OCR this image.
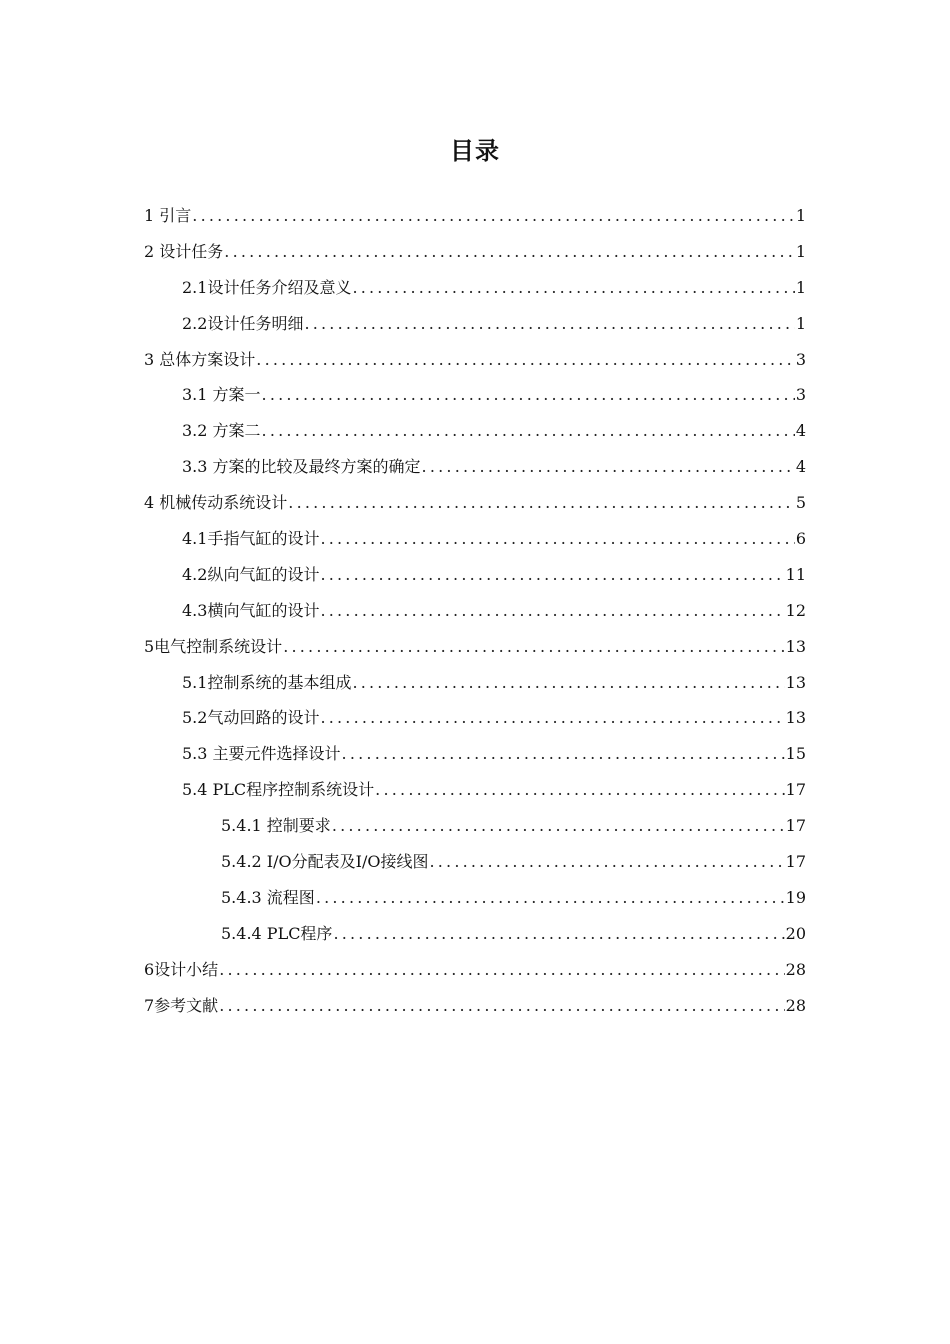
目录
1 引言 .....	1
2 设计任务 .....	1
2.1设计任务介绍及意义 .....	1
2.2设计任务明细 .....	1
3 总体方案设计 .....	3
3.1 方案一 .....	3
3.2 方案二 .....	4
3.3 方案的比较及最终方案的确定 .....	4
4 机械传动系统设计 .....	5
4.1手指气缸的设计 .....	6
4.2纵向气缸的设计 .....	11
4.3横向气缸的设计 .....	12
5电气控制系统设计 .....	13
5.1控制系统的基本组成 .....	13
5.2气动回路的设计 .....	13
5.3 主要元件选择设计 .....	15
5.4 PLC程序控制系统设计 .....	17
5.4.1 控制要求 .....	17
5.4.2 I/O分配表及I/O接线图 .....	17
5.4.3 流程图 .....	19
5.4.4 PLC程序 .....	20
6设计小结 .....	28
7参考文献 .....	28
